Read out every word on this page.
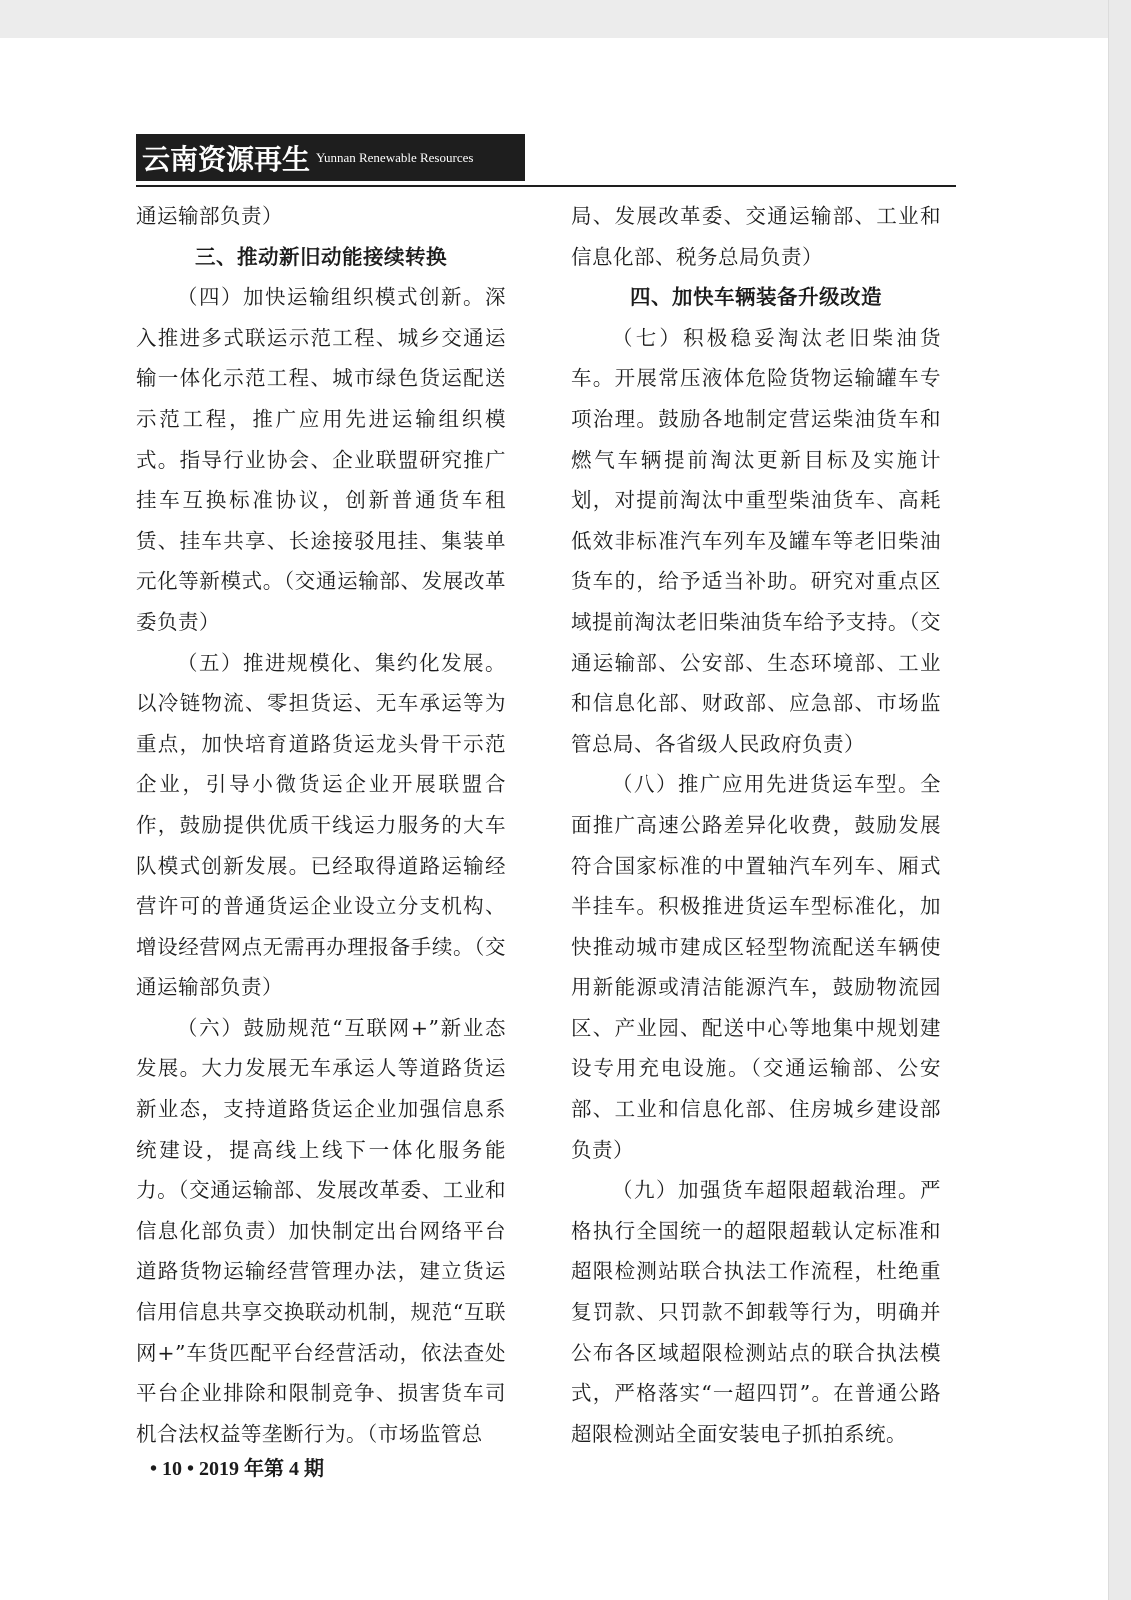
云南资源再生 Yunnan Renewable Resources

通运输部负责）

三、推动新旧动能接续转换

（四）加快运输组织模式创新。深入推进多式联运示范工程、城乡交通运输一体化示范工程、城市绿色货运配送示范工程，推广应用先进运输组织模式。指导行业协会、企业联盟研究推广挂车互换标准协议，创新普通货车租赁、挂车共享、长途接驳甩挂、集装单元化等新模式。（交通运输部、发展改革委负责）

（五）推进规模化、集约化发展。以冷链物流、零担货运、无车承运等为重点，加快培育道路货运龙头骨干示范企业，引导小微货运企业开展联盟合作，鼓励提供优质干线运力服务的大车队模式创新发展。已经取得道路运输经营许可的普通货运企业设立分支机构、增设经营网点无需再办理报备手续。（交通运输部负责）

（六）鼓励规范“互联网+”新业态发展。大力发展无车承运人等道路货运新业态，支持道路货运企业加强信息系统建设，提高线上线下一体化服务能力。（交通运输部、发展改革委、工业和信息化部负责）加快制定出台网络平台道路货物运输经营管理办法，建立货运信用信息共享交换联动机制，规范“互联网+”车货匹配平台经营活动，依法查处平台企业排除和限制竞争、损害货车司机合法权益等垄断行为。（市场监管总

局、发展改革委、交通运输部、工业和信息化部、税务总局负责）

四、加快车辆装备升级改造

（七）积极稳妥淘汰老旧柴油货车。开展常压液体危险货物运输罐车专项治理。鼓励各地制定营运柴油货车和燃气车辆提前淘汰更新目标及实施计划，对提前淘汰中重型柴油货车、高耗低效非标准汽车列车及罐车等老旧柴油货车的，给予适当补助。研究对重点区域提前淘汰老旧柴油货车给予支持。（交通运输部、公安部、生态环境部、工业和信息化部、财政部、应急部、市场监管总局、各省级人民政府负责）

（八）推广应用先进货运车型。全面推广高速公路差异化收费，鼓励发展符合国家标准的中置轴汽车列车、厢式半挂车。积极推进货运车型标准化，加快推动城市建成区轻型物流配送车辆使用新能源或清洁能源汽车，鼓励物流园区、产业园、配送中心等地集中规划建设专用充电设施。（交通运输部、公安部、工业和信息化部、住房城乡建设部负责）

（九）加强货车超限超载治理。严格执行全国统一的超限超载认定标准和超限检测站联合执法工作流程，杜绝重复罚款、只罚款不卸载等行为，明确并公布各区域超限检测站点的联合执法模式，严格落实“一超四罚”。在普通公路超限检测站全面安装电子抓拍系统。

• 10 • 2019 年第 4 期
